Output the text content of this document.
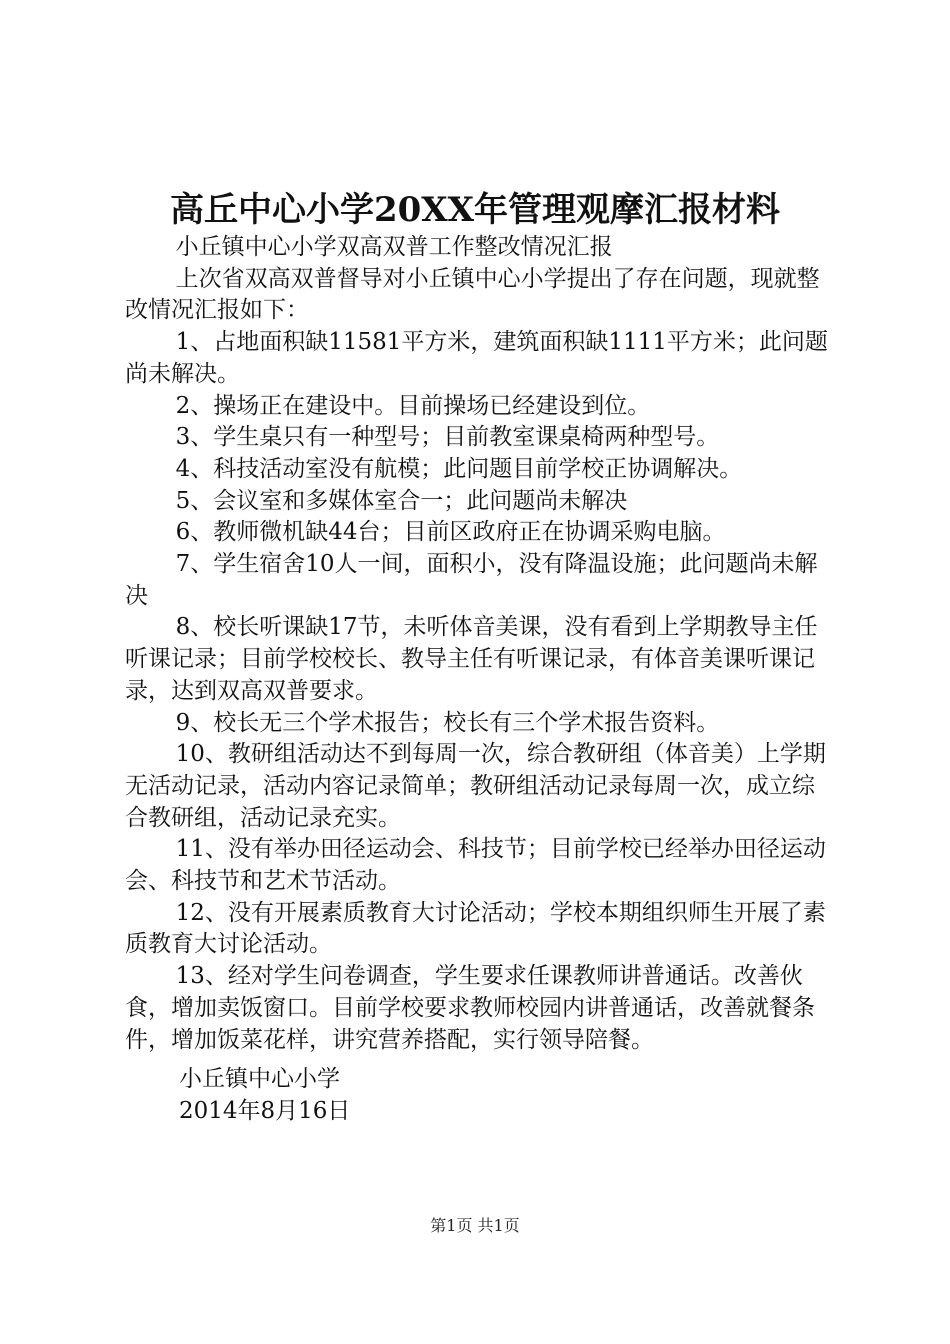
高丘中心小学20XX年管理观摩汇报材料

小丘镇中心小学双高双普工作整改情况汇报

上次省双高双普督导对小丘镇中心小学提出了存在问题，现就整改情况汇报如下：

1、占地面积缺11581平方米，建筑面积缺1111平方米；此问题尚未解决。

2、操场正在建设中。目前操场已经建设到位。

3、学生桌只有一种型号；目前教室课桌椅两种型号。

4、科技活动室没有航模；此问题目前学校正协调解决。

5、会议室和多媒体室合一；此问题尚未解决

6、教师微机缺44台；目前区政府正在协调采购电脑。

7、学生宿舍10人一间，面积小，没有降温设施；此问题尚未解决

8、校长听课缺17节，未听体音美课，没有看到上学期教导主任听课记录；目前学校校长、教导主任有听课记录，有体音美课听课记录，达到双高双普要求。

9、校长无三个学术报告；校长有三个学术报告资料。

10、教研组活动达不到每周一次，综合教研组（体音美）上学期无活动记录，活动内容记录简单；教研组活动记录每周一次，成立综合教研组，活动记录充实。

11、没有举办田径运动会、科技节；目前学校已经举办田径运动会、科技节和艺术节活动。

12、没有开展素质教育大讨论活动；学校本期组织师生开展了素质教育大讨论活动。

13、经对学生问卷调查，学生要求任课教师讲普通话。改善伙食，增加卖饭窗口。目前学校要求教师校园内讲普通话，改善就餐条件，增加饭菜花样，讲究营养搭配，实行领导陪餐。

小丘镇中心小学
2014年8月16日
第1页 共1页
